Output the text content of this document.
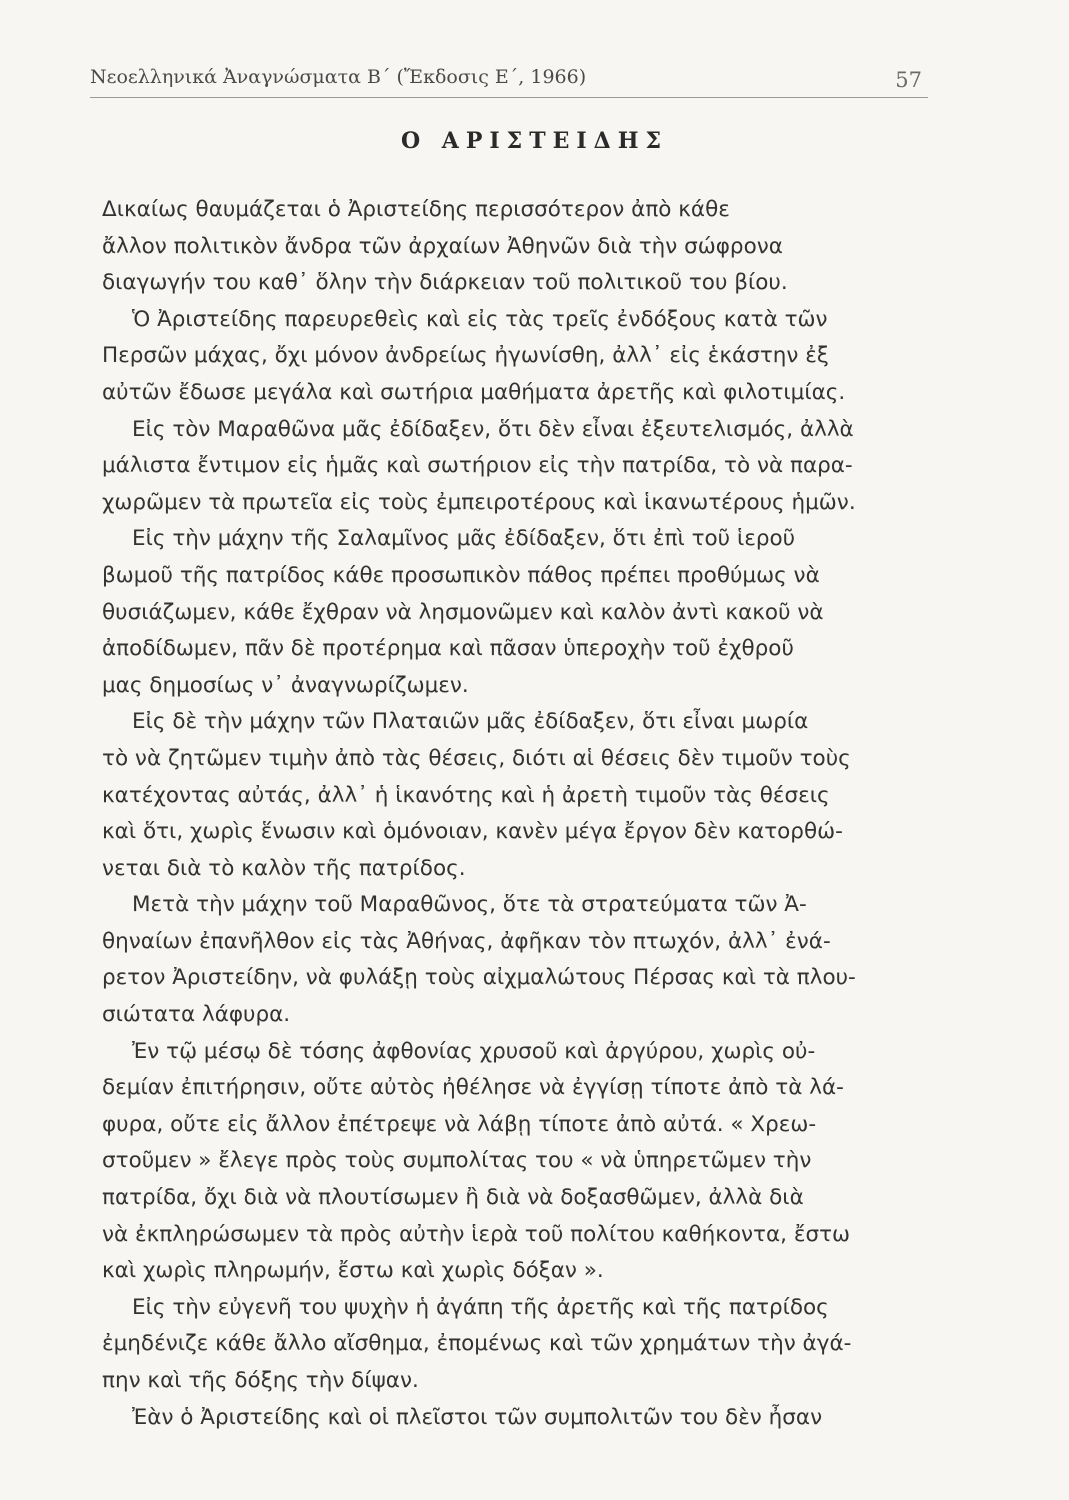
Νεοελληνικά Ἀναγνώσματα Β΄ (Ἔκδοσις Ε΄, 1966)	57
Ο ΑΡΙΣΤΕΙΔΗΣ

Δικαίως θαυμάζεται ὁ Ἀριστείδης περισσότερον ἀπὸ κάθε
ἄλλον πολιτικὸν ἄνδρα τῶν ἀρχαίων Ἀθηνῶν διὰ τὴν σώφρονα
διαγωγήν του καθ᾽ ὅλην τὴν διάρκειαν τοῦ πολιτικοῦ του βίου.

Ὁ Ἀριστείδης παρευρεθεὶς καὶ εἰς τὰς τρεῖς ἐνδόξους κατὰ τῶν
Περσῶν μάχας, ὄχι μόνον ἀνδρείως ἠγωνίσθη, ἀλλ᾽ εἰς ἑκάστην ἐξ
αὐτῶν ἔδωσε μεγάλα καὶ σωτήρια μαθήματα ἀρετῆς καὶ φιλοτιμίας.

Εἰς τὸν Μαραθῶνα μᾶς ἐδίδαξεν, ὅτι δὲν εἶναι ἐξευτελισμός, ἀλλὰ
μάλιστα ἔντιμον εἰς ἡμᾶς καὶ σωτήριον εἰς τὴν πατρίδα, τὸ νὰ παρα-
χωρῶμεν τὰ πρωτεῖα εἰς τοὺς ἐμπειροτέρους καὶ ἱκανωτέρους ἡμῶν.

Εἰς τὴν μάχην τῆς Σαλαμῖνος μᾶς ἐδίδαξεν, ὅτι ἐπὶ τοῦ ἱεροῦ
βωμοῦ τῆς πατρίδος κάθε προσωπικὸν πάθος πρέπει προθύμως νὰ
θυσιάζωμεν, κάθε ἔχθραν νὰ λησμονῶμεν καὶ καλὸν ἀντὶ κακοῦ νὰ
ἀποδίδωμεν, πᾶν δὲ προτέρημα καὶ πᾶσαν ὑπεροχὴν τοῦ ἐχθροῦ
μας δημοσίως ν᾽ ἀναγνωρίζωμεν.

Εἰς δὲ τὴν μάχην τῶν Πλαταιῶν μᾶς ἐδίδαξεν, ὅτι εἶναι μωρία
τὸ νὰ ζητῶμεν τιμὴν ἀπὸ τὰς θέσεις, διότι αἱ θέσεις δὲν τιμοῦν τοὺς
κατέχοντας αὐτάς, ἀλλ᾽ ἡ ἱκανότης καὶ ἡ ἀρετὴ τιμοῦν τὰς θέσεις
καὶ ὅτι, χωρὶς ἕνωσιν καὶ ὁμόνοιαν, κανὲν μέγα ἔργον δὲν κατορθώ-
νεται διὰ τὸ καλὸν τῆς πατρίδος.

Μετὰ τὴν μάχην τοῦ Μαραθῶνος, ὅτε τὰ στρατεύματα τῶν Ἀ-
θηναίων ἐπανῆλθον εἰς τὰς Ἀθήνας, ἀφῆκαν τὸν πτωχόν, ἀλλ᾽ ἐνά-
ρετον Ἀριστείδην, νὰ φυλάξῃ τοὺς αἰχμαλώτους Πέρσας καὶ τὰ πλου-
σιώτατα λάφυρα.

Ἐν τῷ μέσῳ δὲ τόσης ἀφθονίας χρυσοῦ καὶ ἀργύρου, χωρὶς οὐ-
δεμίαν ἐπιτήρησιν, οὔτε αὐτὸς ἠθέλησε νὰ ἐγγίσῃ τίποτε ἀπὸ τὰ λά-
φυρα, οὔτε εἰς ἄλλον ἐπέτρεψε νὰ λάβῃ τίποτε ἀπὸ αὐτά. « Χρεω-
στοῦμεν » ἔλεγε πρὸς τοὺς συμπολίτας του « νὰ ὑπηρετῶμεν τὴν
πατρίδα, ὄχι διὰ νὰ πλουτίσωμεν ἢ διὰ νὰ δοξασθῶμεν, ἀλλὰ διὰ
νὰ ἐκπληρώσωμεν τὰ πρὸς αὐτὴν ἱερὰ τοῦ πολίτου καθήκοντα, ἔστω
καὶ χωρὶς πληρωμήν, ἔστω καὶ χωρὶς δόξαν ».

Εἰς τὴν εὐγενῆ του ψυχὴν ἡ ἀγάπη τῆς ἀρετῆς καὶ τῆς πατρίδος
ἐμηδένιζε κάθε ἄλλο αἴσθημα, ἐπομένως καὶ τῶν χρημάτων τὴν ἀγά-
πην καὶ τῆς δόξης τὴν δίψαν.

Ἐὰν ὁ Ἀριστείδης καὶ οἱ πλεῖστοι τῶν συμπολιτῶν του δὲν ἦσαν
